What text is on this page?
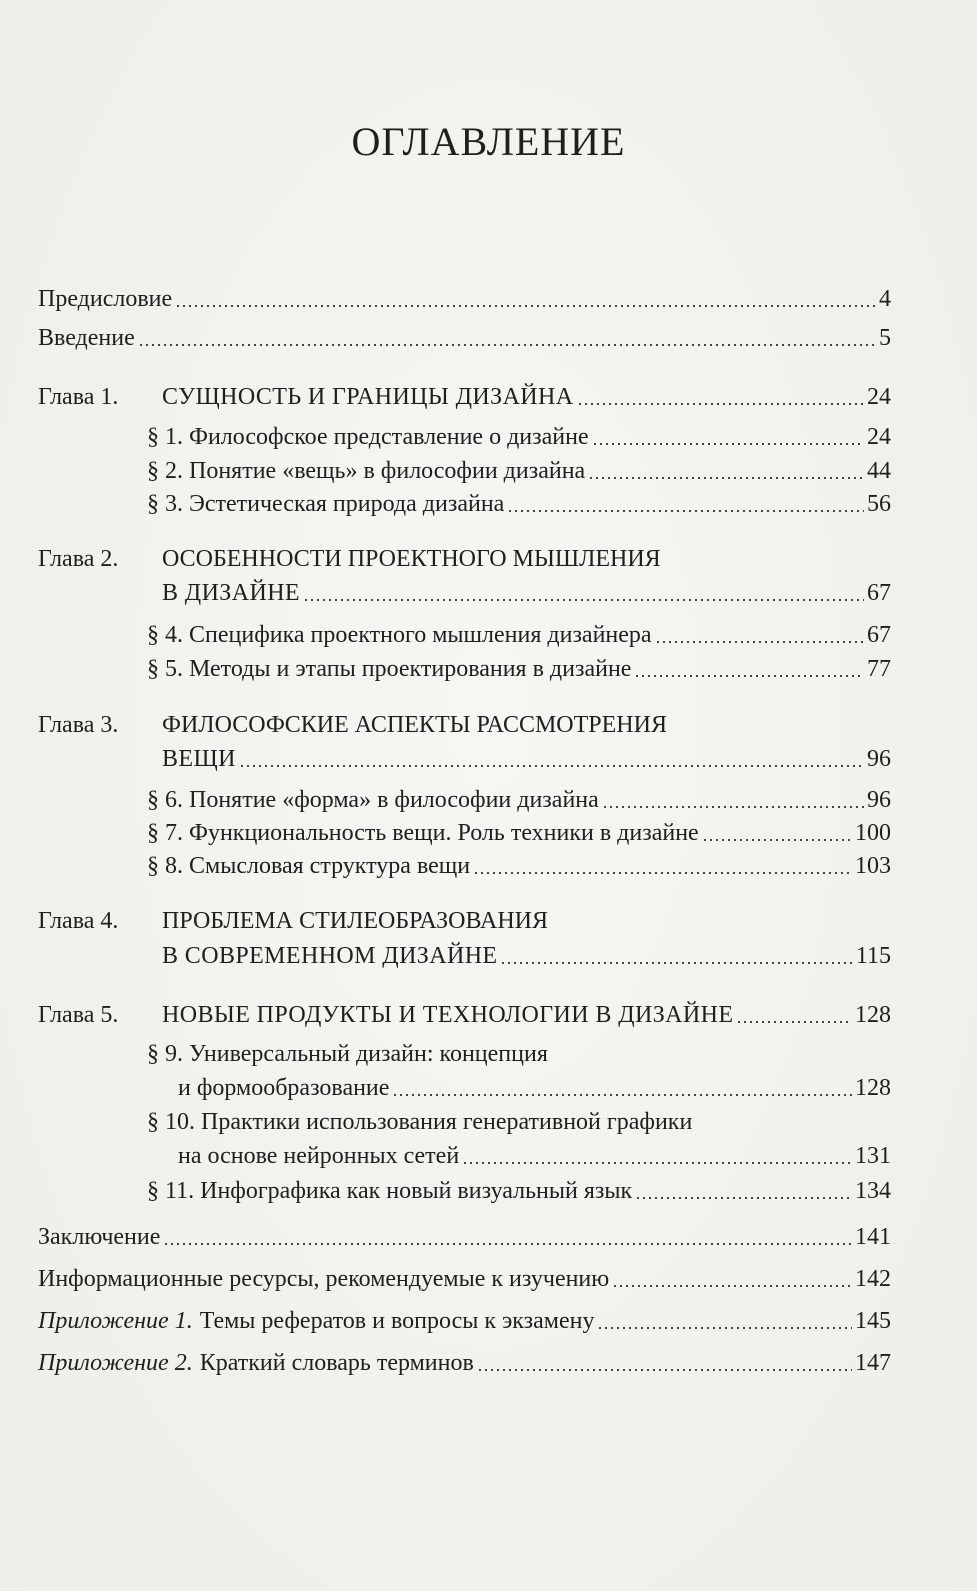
ОГЛАВЛЕНИЕ
Предисловие	4
Введение	5
Глава 1.	СУЩНОСТЬ И ГРАНИЦЫ ДИЗАЙНА	24
§ 1. Философское представление о дизайне	24
§ 2. Понятие «вещь» в философии дизайна	44
§ 3. Эстетическая природа дизайна	56
Глава 2. ОСОБЕННОСТИ ПРОЕКТНОГО МЫШЛЕНИЯ
В ДИЗАЙНЕ	67
§ 4. Специфика проектного мышления дизайнера	67
§ 5. Методы и этапы проектирования в дизайне	77
Глава 3. ФИЛОСОФСКИЕ АСПЕКТЫ РАССМОТРЕНИЯ
ВЕЩИ	96
§ 6. Понятие «форма» в философии дизайна	96
§ 7. Функциональность вещи. Роль техники в дизайне	100
§ 8. Смысловая структура вещи	103
Глава 4. ПРОБЛЕМА СТИЛЕОБРАЗОВАНИЯ
В СОВРЕМЕННОМ ДИЗАЙНЕ	115
Глава 5.	НОВЫЕ ПРОДУКТЫ И ТЕХНОЛОГИИ В ДИЗАЙНЕ	128
§ 9. Универсальный дизайн: концепция
и формообразование	128
§ 10. Практики использования генеративной графики
на основе нейронных сетей	131
§ 11. Инфографика как новый визуальный язык	134
Заключение	141
Информационные ресурсы, рекомендуемые к изучению	142
Приложение 1. Темы рефератов и вопросы к экзамену	145
Приложение 2. Краткий словарь терминов	147
